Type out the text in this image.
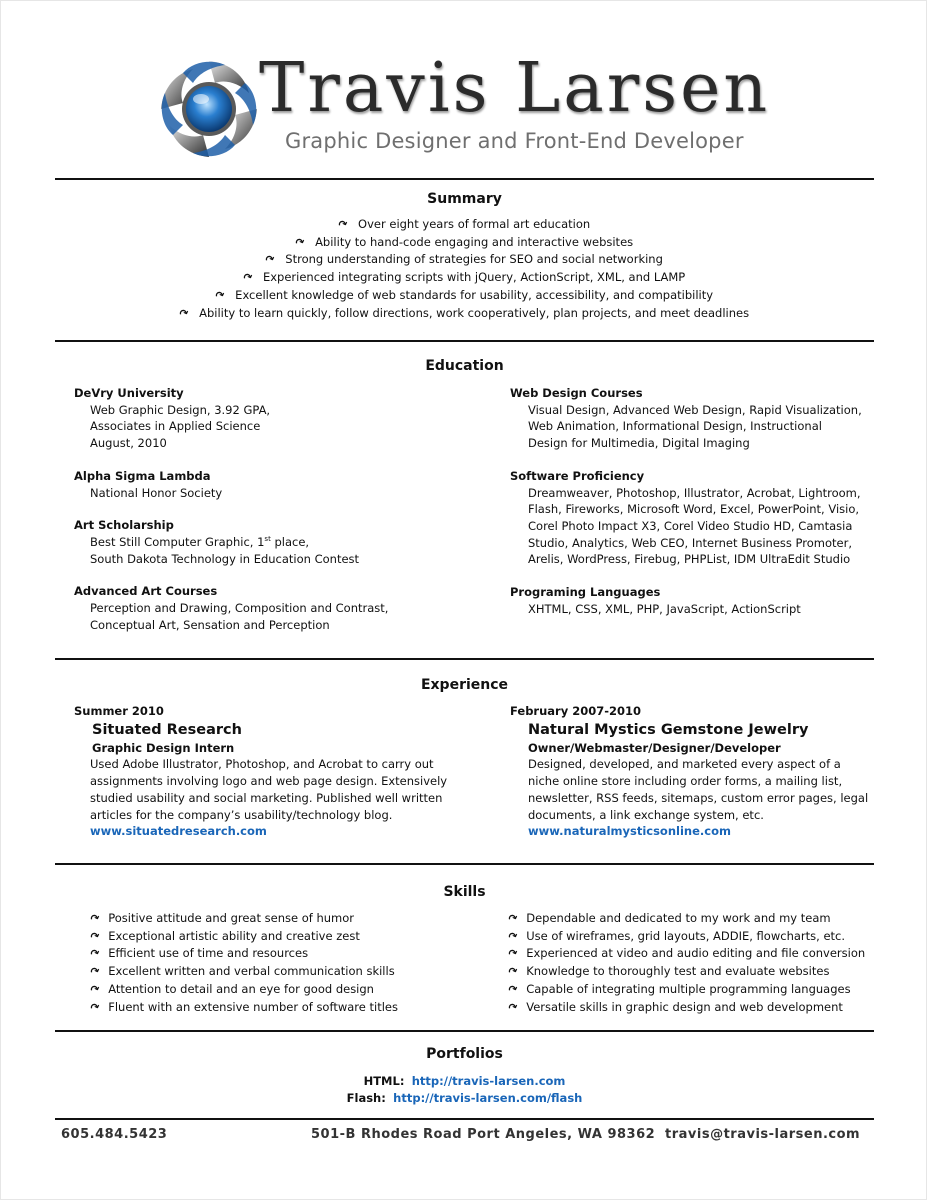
Travis Larsen
Graphic Designer and Front-End Developer
Summary
↷ Over eight years of formal art education
↷ Ability to hand-code engaging and interactive websites
↷ Strong understanding of strategies for SEO and social networking
↷ Experienced integrating scripts with jQuery, ActionScript, XML, and LAMP
↷ Excellent knowledge of web standards for usability, accessibility, and compatibility
↷ Ability to learn quickly, follow directions, work cooperatively, plan projects, and meet deadlines
Education
DeVry University
Web Graphic Design, 3.92 GPA,
Associates in Applied Science
August, 2010
Alpha Sigma Lambda
National Honor Society
Art Scholarship
Best Still Computer Graphic, 1st place,
South Dakota Technology in Education Contest
Advanced Art Courses
Perception and Drawing, Composition and Contrast,
Conceptual Art, Sensation and Perception
Web Design Courses
Visual Design, Advanced Web Design, Rapid Visualization,
Web Animation, Informational Design, Instructional
Design for Multimedia, Digital Imaging
Software Proficiency
Dreamweaver, Photoshop, Illustrator, Acrobat, Lightroom,
Flash, Fireworks, Microsoft Word, Excel, PowerPoint, Visio,
Corel Photo Impact X3, Corel Video Studio HD, Camtasia
Studio, Analytics, Web CEO, Internet Business Promoter,
Arelis, WordPress, Firebug, PHPList, IDM UltraEdit Studio
Programing Languages
XHTML, CSS, XML, PHP, JavaScript, ActionScript
Experience
Summer 2010
Situated Research
Graphic Design Intern
Used Adobe Illustrator, Photoshop, and Acrobat to carry out
assignments involving logo and web page design. Extensively
studied usability and social marketing. Published well written
articles for the company’s usability/technology blog.
www.situatedresearch.com
February 2007-2010
Natural Mystics Gemstone Jewelry
Owner/Webmaster/Designer/Developer
Designed, developed, and marketed every aspect of a
niche online store including order forms, a mailing list,
newsletter, RSS feeds, sitemaps, custom error pages, legal
documents, a link exchange system, etc.
www.naturalmysticsonline.com
Skills
↷ Positive attitude and great sense of humor
↷ Exceptional artistic ability and creative zest
↷ Efficient use of time and resources
↷ Excellent written and verbal communication skills
↷ Attention to detail and an eye for good design
↷ Fluent with an extensive number of software titles
↷ Dependable and dedicated to my work and my team
↷ Use of wireframes, grid layouts, ADDIE, flowcharts, etc.
↷ Experienced at video and audio editing and file conversion
↷ Knowledge to thoroughly test and evaluate websites
↷ Capable of integrating multiple programming languages
↷ Versatile skills in graphic design and web development
Portfolios
HTML: http://travis-larsen.com
Flash: http://travis-larsen.com/flash
605.484.5423	501-B Rhodes Road Port Angeles, WA 98362 travis@travis-larsen.com
